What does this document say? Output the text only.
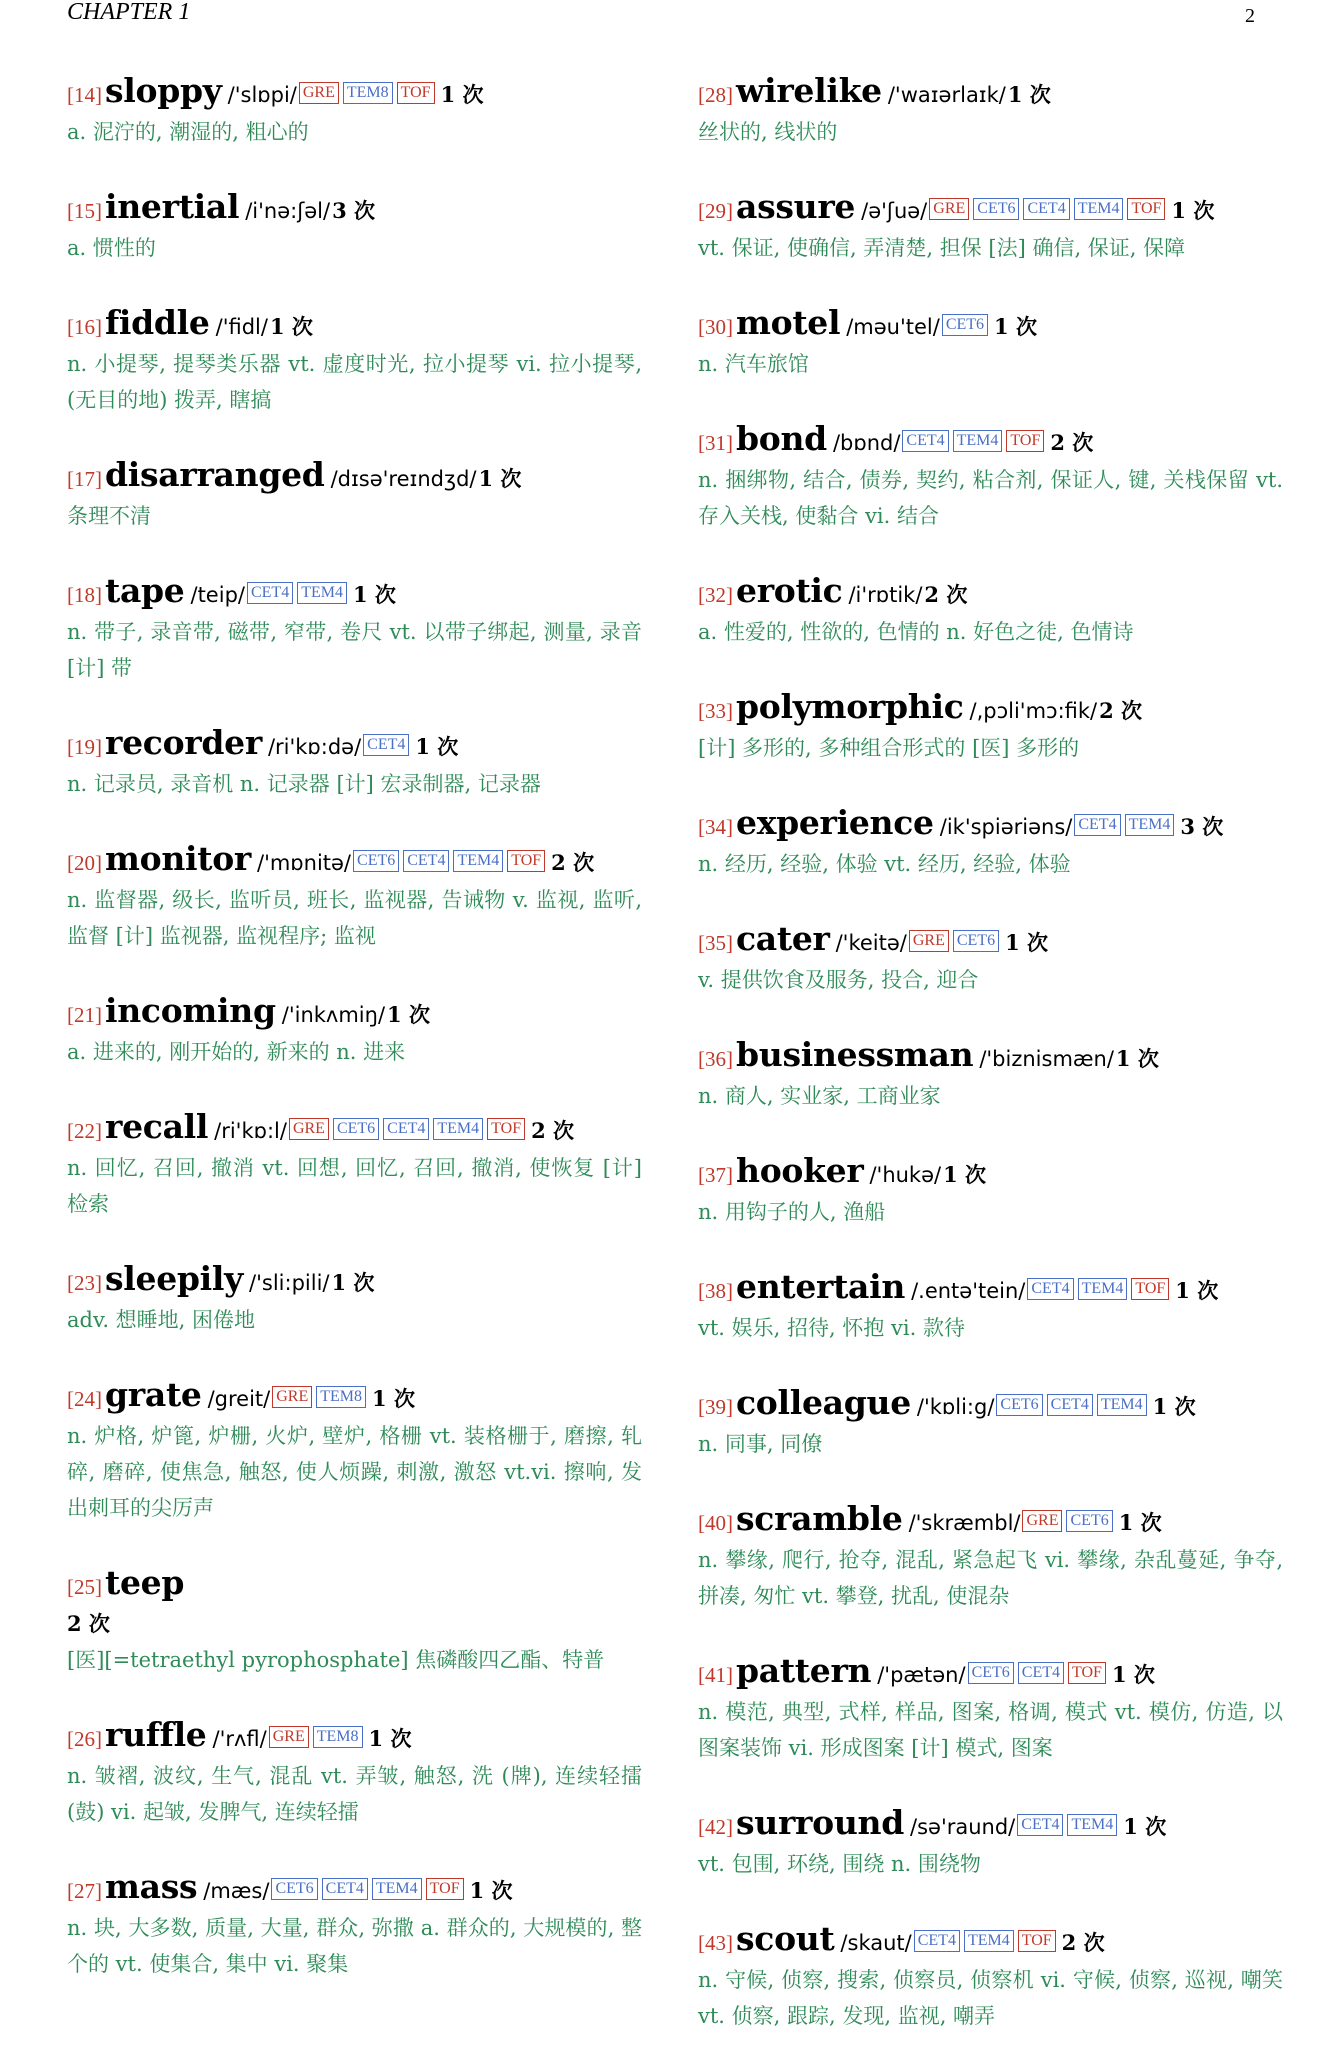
CHAPTER 1	2
[14] sloppy /'slɒpi/ GRE TEM8 TOF 1 次
a. 泥泞的, 潮湿的, 粗心的
[15] inertial /i'nə:ʃəl/ 3 次
a. 惯性的
[16] fiddle /'fidl/ 1 次
n. 小提琴, 提琴类乐器 vt. 虚度时光, 拉小提琴 vi. 拉小提琴, (无目的地) 拨弄, 瞎搞
[17] disarranged /dɪsə'reɪndʒd/ 1 次
条理不清
[18] tape /teip/ CET4 TEM4 1 次
n. 带子, 录音带, 磁带, 窄带, 卷尺 vt. 以带子绑起, 测量, 录音 [计] 带
[19] recorder /ri'kɒ:də/ CET4 1 次
n. 记录员, 录音机 n. 记录器 [计] 宏录制器, 记录器
[20] monitor /'mɒnitə/ CET6 CET4 TEM4 TOF 2 次
n. 监督器, 级长, 监听员, 班长, 监视器, 告诫物 v. 监视, 监听, 监督 [计] 监视器, 监视程序; 监视
[21] incoming /'inkʌmiŋ/ 1 次
a. 进来的, 刚开始的, 新来的 n. 进来
[22] recall /ri'kɒ:l/ GRE CET6 CET4 TEM4 TOF 2 次
n. 回忆, 召回, 撤消 vt. 回想, 回忆, 召回, 撤消, 使恢复 [计] 检索
[23] sleepily /'sli:pili/ 1 次
adv. 想睡地, 困倦地
[24] grate /greit/ GRE TEM8 1 次
n. 炉格, 炉篦, 炉栅, 火炉, 壁炉, 格栅 vt. 装格栅于, 磨擦, 轧碎, 磨碎, 使焦急, 触怒, 使人烦躁, 刺激, 激怒 vt.vi. 擦响, 发出刺耳的尖厉声
[25] teep
2 次
[医][=tetraethyl pyrophosphate] 焦磷酸四乙酯、特普
[26] ruffle /'rʌfl/ GRE TEM8 1 次
n. 皱褶, 波纹, 生气, 混乱 vt. 弄皱, 触怒, 洗 (牌), 连续轻擂 (鼓) vi. 起皱, 发脾气, 连续轻擂
[27] mass /mæs/ CET6 CET4 TEM4 TOF 1 次
n. 块, 大多数, 质量, 大量, 群众, 弥撒 a. 群众的, 大规模的, 整个的 vt. 使集合, 集中 vi. 聚集
[28] wirelike /'waɪərlaɪk/ 1 次
丝状的, 线状的
[29] assure /ə'ʃuə/ GRE CET6 CET4 TEM4 TOF 1 次
vt. 保证, 使确信, 弄清楚, 担保 [法] 确信, 保证, 保障
[30] motel /məu'tel/ CET6 1 次
n. 汽车旅馆
[31] bond /bɒnd/ CET4 TEM4 TOF 2 次
n. 捆绑物, 结合, 债券, 契约, 粘合剂, 保证人, 键, 关栈保留 vt. 存入关栈, 使黏合 vi. 结合
[32] erotic /i'rɒtik/ 2 次
a. 性爱的, 性欲的, 色情的 n. 好色之徒, 色情诗
[33] polymorphic /,pɔli'mɔ:fik/ 2 次
[计] 多形的, 多种组合形式的 [医] 多形的
[34] experience /ik'spiəriəns/ CET4 TEM4 3 次
n. 经历, 经验, 体验 vt. 经历, 经验, 体验
[35] cater /'keitə/ GRE CET6 1 次
v. 提供饮食及服务, 投合, 迎合
[36] businessman /'biznismæn/ 1 次
n. 商人, 实业家, 工商业家
[37] hooker /'hukə/ 1 次
n. 用钩子的人, 渔船
[38] entertain /.entə'tein/ CET4 TEM4 TOF 1 次
vt. 娱乐, 招待, 怀抱 vi. 款待
[39] colleague /'kɒli:g/ CET6 CET4 TEM4 1 次
n. 同事, 同僚
[40] scramble /'skræmbl/ GRE CET6 1 次
n. 攀缘, 爬行, 抢夺, 混乱, 紧急起飞 vi. 攀缘, 杂乱蔓延, 争夺, 拼凑, 匆忙 vt. 攀登, 扰乱, 使混杂
[41] pattern /'pætən/ CET6 CET4 TOF 1 次
n. 模范, 典型, 式样, 样品, 图案, 格调, 模式 vt. 模仿, 仿造, 以图案装饰 vi. 形成图案 [计] 模式, 图案
[42] surround /sə'raund/ CET4 TEM4 1 次
vt. 包围, 环绕, 围绕 n. 围绕物
[43] scout /skaut/ CET4 TEM4 TOF 2 次
n. 守候, 侦察, 搜索, 侦察员, 侦察机 vi. 守候, 侦察, 巡视, 嘲笑 vt. 侦察, 跟踪, 发现, 监视, 嘲弄
